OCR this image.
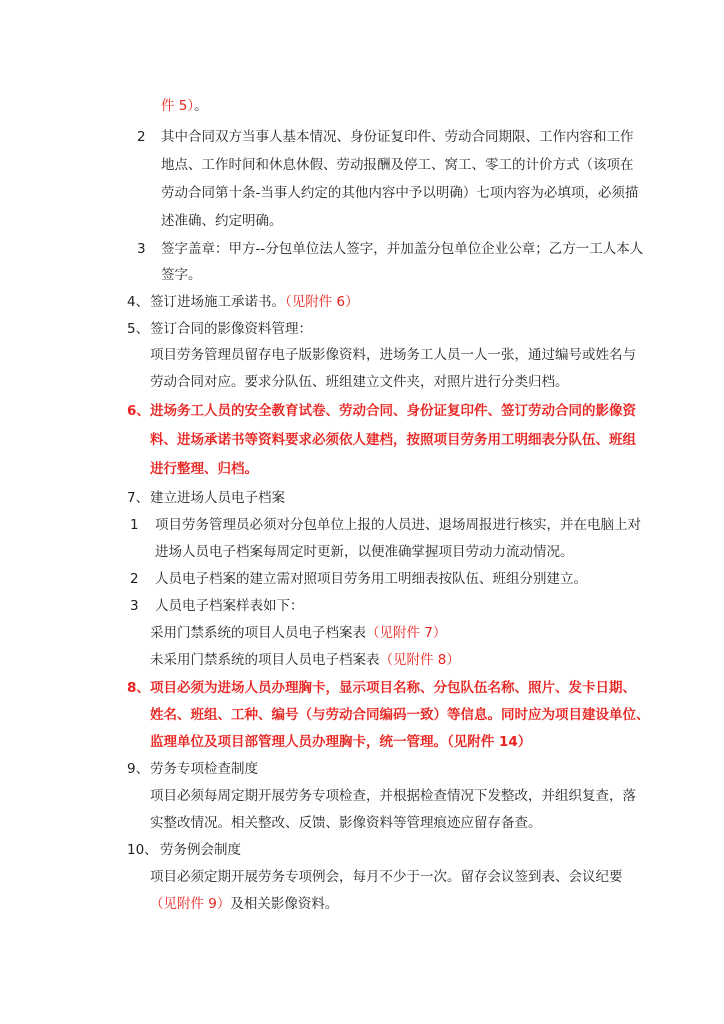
件 5）。
2 其中合同双方当事人基本情况、身份证复印件、劳动合同期限、工作内容和工作
地点、工作时间和休息休假、劳动报酬及停工、窝工、零工的计价方式（该项在
劳动合同第十条-当事人约定的其他内容中予以明确）七项内容为必填项，必须描
述准确、约定明确。
3 签字盖章：甲方--分包单位法人签字，并加盖分包单位企业公章；乙方一工人本人
签字。
4、 签订进场施工承诺书。（见附件 6）
5、 签订合同的影像资料管理：
项目劳务管理员留存电子版影像资料，进场务工人员一人一张，通过编号或姓名与
劳动合同对应。要求分队伍、班组建立文件夹，对照片进行分类归档。
6、 进场务工人员的安全教育试卷、劳动合同、身份证复印件、签订劳动合同的影像资
料、进场承诺书等资料要求必须依人建档，按照项目劳务用工明细表分队伍、班组
进行整理、归档。
7、 建立进场人员电子档案
1 项目劳务管理员必须对分包单位上报的人员进、退场周报进行核实，并在电脑上对
进场人员电子档案每周定时更新，以便准确掌握项目劳动力流动情况。
2 人员电子档案的建立需对照项目劳务用工明细表按队伍、班组分别建立。
3 人员电子档案样表如下：
采用门禁系统的项目人员电子档案表（见附件 7）
未采用门禁系统的项目人员电子档案表（见附件 8）
8、 项目必须为进场人员办理胸卡，显示项目名称、分包队伍名称、照片、发卡日期、
姓名、班组、工种、编号（与劳动合同编码一致）等信息。同时应为项目建设单位、
监理单位及项目部管理人员办理胸卡，统一管理。（见附件 14）
9、 劳务专项检查制度
项目必须每周定期开展劳务专项检查，并根据检查情况下发整改，并组织复查，落
实整改情况。相关整改、反馈、影像资料等管理痕迹应留存备查。
10、 劳务例会制度
项目必须定期开展劳务专项例会，每月不少于一次。留存会议签到表、会议纪要
（见附件 9）及相关影像资料。
